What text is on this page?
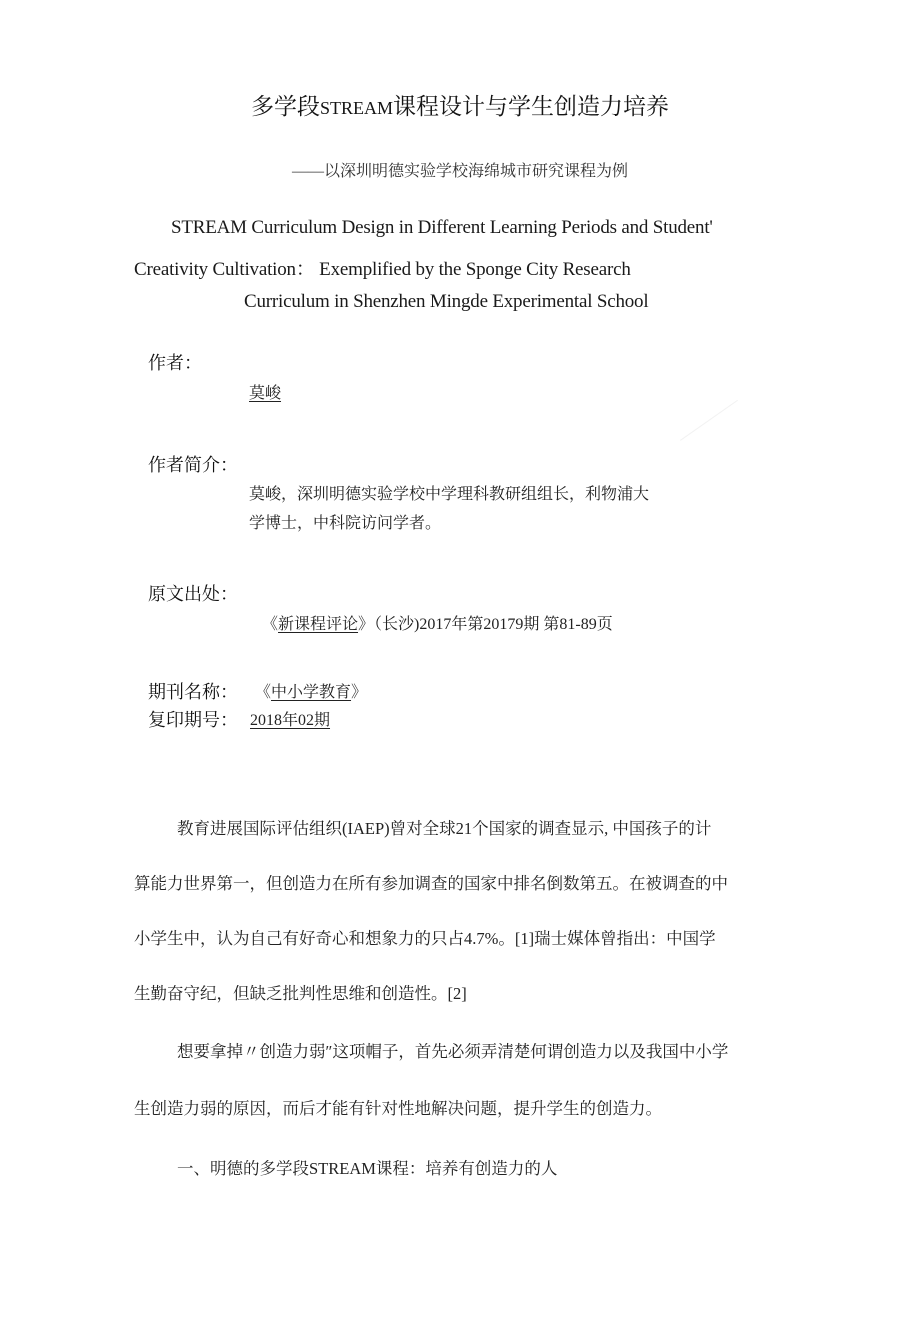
多学段STREAM课程设计与学生创造力培养
——以深圳明德实验学校海绵城市研究课程为例
STREAM Curriculum Design in Different Learning Periods and Student'
Creativity Cultivation： Exemplified by the Sponge City Research
Curriculum in Shenzhen Mingde Experimental School
作者：
莫峻
作者简介：
莫峻，深圳明德实验学校中学理科教研组组长，利物浦大
学博士，中科院访问学者。
原文出处：
《新课程评论》（长沙)2017年第20179期 第81-89页
期刊名称： 《中小学教育》
复印期号： 2018年02期
教育进展国际评估组织(IAEP)曾对全球21个国家的调查显示, 中国孩子的计
算能力世界第一，但创造力在所有参加调查的国家中排名倒数第五。在被调查的中
小学生中，认为自己有好奇心和想象力的只占4.7%。[1]瑞士媒体曾指出：中国学
生勤奋守纪，但缺乏批判性思维和创造性。[2]
想要拿掉〃创造力弱″这项帽子，首先必须弄清楚何谓创造力以及我国中小学
生创造力弱的原因，而后才能有针对性地解决问题，提升学生的创造力。
一、明德的多学段STREAM课程：培养有创造力的人
